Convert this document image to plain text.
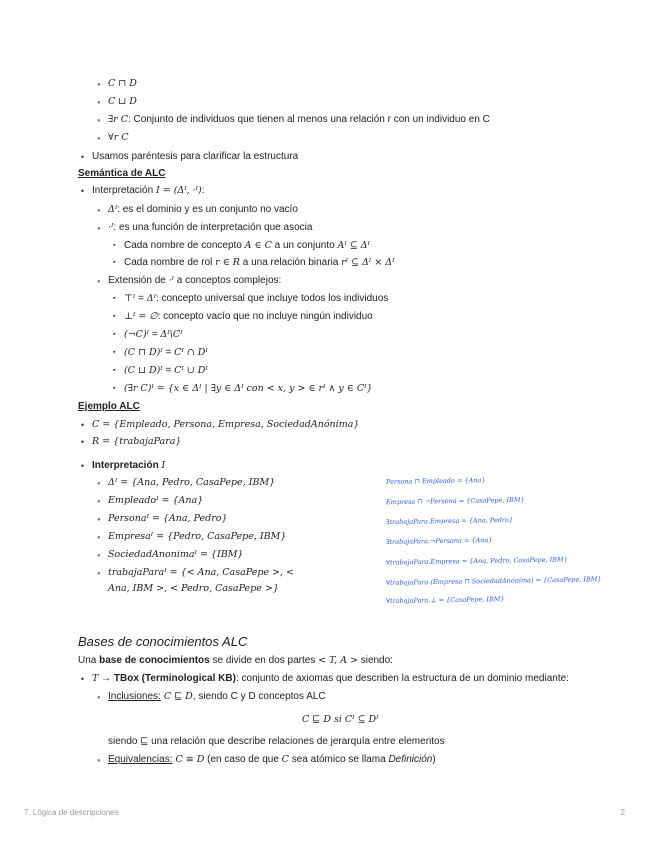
● C ⊓ D
● C ⊔ D
● ∃r C: Conjunto de individuos que tienen al menos una relación r con un individuo en C
● ∀r C
• Usamos paréntesis para clarificar la estructura
Semántica de ALC
• Interpretación I = (Δᴵ, ·ᴵ):
● Δᴵ: es el dominio y es un conjunto no vacío
● ·ᴵ: es una función de interpretación que asocia
▪ Cada nombre de concepto A ∈ C a un conjunto Aᴵ ⊆ Δᴵ
▪ Cada nombre de rol r ∈ R a una relación binaria rᴵ ⊆ Δᴵ × Δᴵ
● Extensión de ·ᴵ a conceptos complejos:
▪ ⊤ᴵ = Δᴵ: concepto universal que incluye todos los individuos
▪ ⊥ᴵ = ∅: concepto vacío que no incluye ningún individuo
▪ (¬C)ᴵ = Δᴵ\Cᴵ
▪ (C ⊓ D)ᴵ = Cᴵ ∩ Dᴵ
▪ (C ⊔ D)ᴵ = Cᴵ ∪ Dᴵ
▪ (∃r C)ᴵ = {x ∈ Δᴵ | ∃y ∈ Δᴵ con < x, y > ∈ rᴵ ∧ y ∈ Cᴵ}
Ejemplo ALC
• C = {Empleado, Persona, Empresa, SociedadAnónima}
• R = {trabajaPara}
• Interpretación I
● Δᴵ = {Ana, Pedro, CasaPepe, IBM}
● Empleadoᴵ = {Ana}
● Personaᴵ = {Ana, Pedro}
● Empresaᴵ = {Pedro, CasaPepe, IBM}
● SociedadAnonimaᴵ = {IBM}
● trabajaParaᴵ = {< Ana, CasaPepe >, <
Ana, IBM >, < Pedro, CasaPepe >}
Bases de conocimientos ALC
Una base de conocimientos se divide en dos partes < T, A > siendo:
• T → TBox (Terminological KB): conjunto de axiomas que describen la estructura de un dominio mediante:
● Inclusiones: C ⊑ D, siendo C y D conceptos ALC
C ⊑ D si Cᴵ ⊆ Dᴵ
siendo ⊑ una relación que describe relaciones de jerarquía entre elementos
● Equivalencias: C ≡ D (en caso de que C sea atómico se llama Definición)
Persona ⊓ Empleado = {Ana}
Empresa ⊓ ¬Persona = {CasaPepe, IBM}
∃trabajaPara.Empresa = {Ana, Pedro}
∃trabajaPara.¬Persona = {Ana}
∀trabajaPara.Empresa = {Ana, Pedro, CasaPepe, IBM}
∀trabajaPara.(Empresa ⊓ SociedadAnónima) = {CasaPepe, IBM}
∀trabajaPara.⊥ = {CasaPepe, IBM}
7. Lógica de descripciones	2
